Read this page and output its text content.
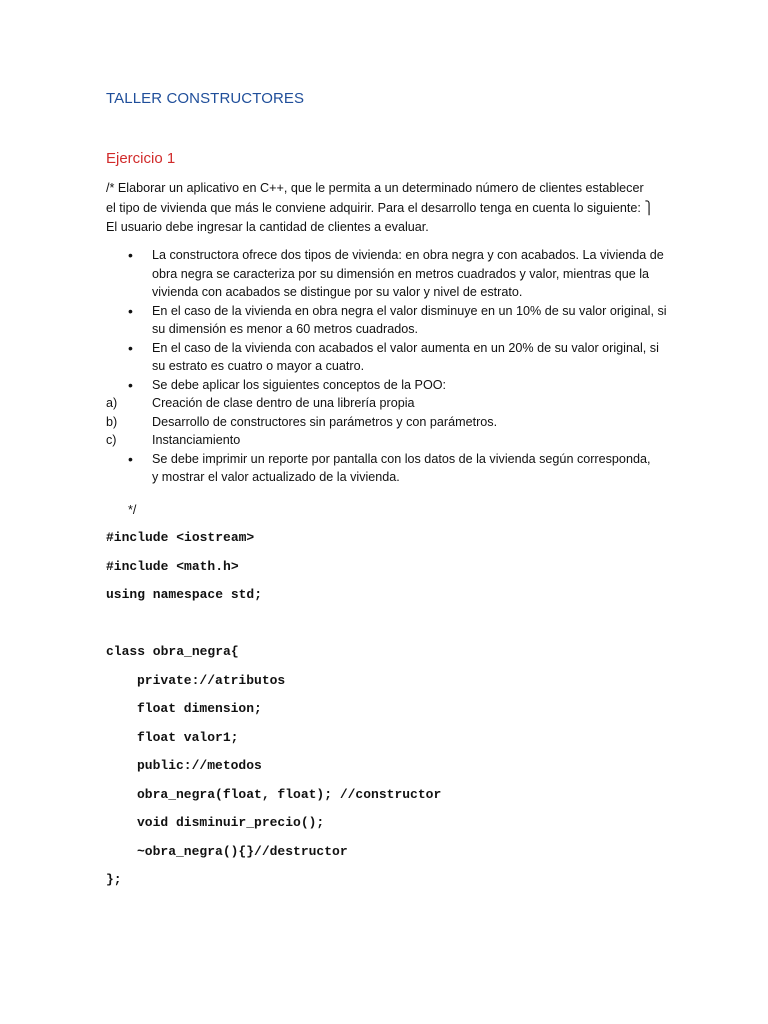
TALLER CONSTRUCTORES
Ejercicio 1
/* Elaborar un aplicativo en C++, que le permita a un determinado número de clientes establecer
el tipo de vivienda que más le conviene adquirir. Para el desarrollo tenga en cuenta lo siguiente: ⎫
El usuario debe ingresar la cantidad de clientes a evaluar.
•	La constructora ofrece dos tipos de vivienda: en obra negra y con acabados. La vivienda de
obra negra se caracteriza por su dimensión en metros cuadrados y valor, mientras que la
vivienda con acabados se distingue por su valor y nivel de estrato.
•	En el caso de la vivienda en obra negra el valor disminuye en un 10% de su valor original, si
su dimensión es menor a 60 metros cuadrados.
•	En el caso de la vivienda con acabados el valor aumenta en un 20% de su valor original, si
su estrato es cuatro o mayor a cuatro.
•	Se debe aplicar los siguientes conceptos de la POO:
a)	Creación de clase dentro de una librería propia
b)	Desarrollo de constructores sin parámetros y con parámetros.
c)	Instanciamiento
•	Se debe imprimir un reporte por pantalla con los datos de la vivienda según corresponda,
y mostrar el valor actualizado de la vivienda.
*/
#include <iostream>
#include <math.h>
using namespace std;
class obra_negra{
private://atributos
float dimension;
float valor1;
public://metodos
obra_negra(float, float); //constructor
void disminuir_precio();
~obra_negra(){}//destructor
};
